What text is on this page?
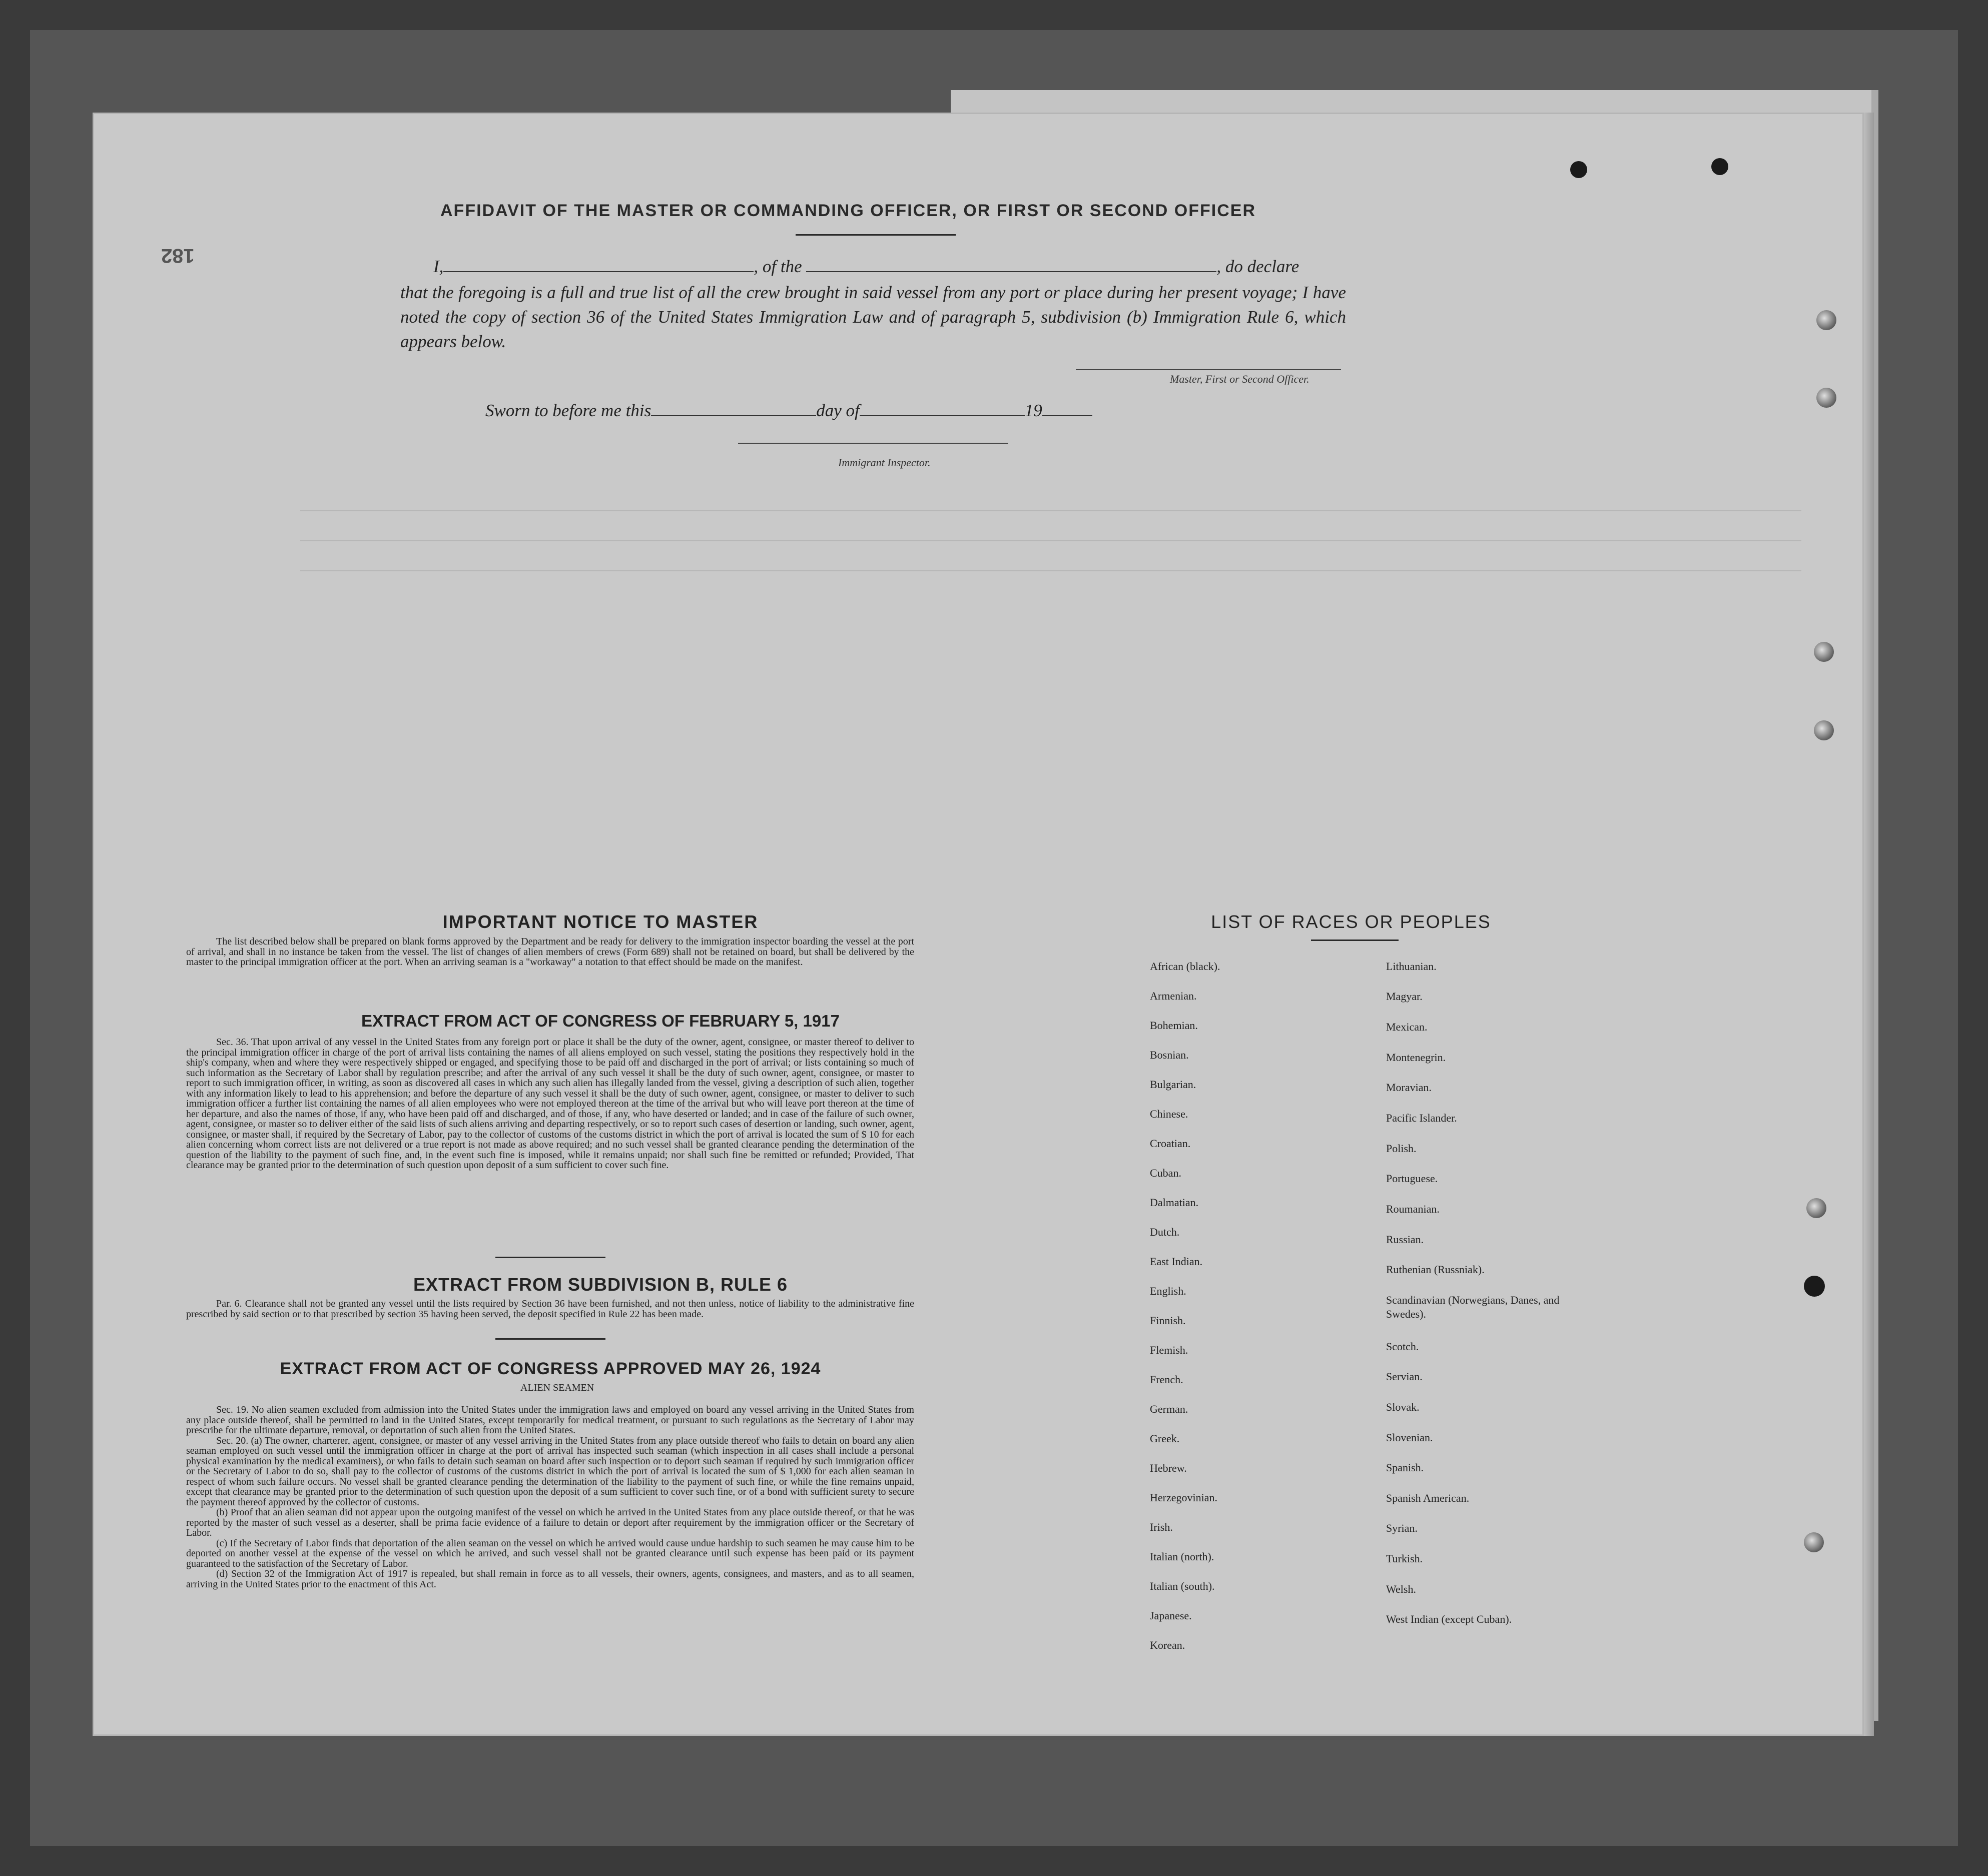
182
AFFIDAVIT OF THE MASTER OR COMMANDING OFFICER, OR FIRST OR SECOND OFFICER
I,	, of the	, do declare
that the foregoing is a full and true list of all the crew brought in said vessel from any port or place during her present voyage; I have noted the copy of section 36 of the United States Immigration Law and of paragraph 5, subdivision (b) Immigration Rule 6, which appears below.
Master, First or Second Officer.
Sworn to before me this	day of	19
Immigrant Inspector.
IMPORTANT NOTICE TO MASTER
The list described below shall be prepared on blank forms approved by the Department and be ready for delivery to the immigration inspector boarding the vessel at the port of arrival, and shall in no instance be taken from the vessel. The list of changes of alien members of crews (Form 689) shall not be retained on board, but shall be delivered by the master to the principal immigration officer at the port. When an arriving seaman is a "workaway" a notation to that effect should be made on the manifest.
EXTRACT FROM ACT OF CONGRESS OF FEBRUARY 5, 1917
Sec. 36. That upon arrival of any vessel in the United States from any foreign port or place it shall be the duty of the owner, agent, consignee, or master thereof to deliver to the principal immigration officer in charge of the port of arrival lists containing the names of all aliens employed on such vessel, stating the positions they respectively hold in the ship's company, when and where they were respectively shipped or engaged, and specifying those to be paid off and discharged in the port of arrival; or lists containing so much of such information as the Secretary of Labor shall by regulation prescribe; and after the arrival of any such vessel it shall be the duty of such owner, agent, consignee, or master to report to such immigration officer, in writing, as soon as discovered all cases in which any such alien has illegally landed from the vessel, giving a description of such alien, together with any information likely to lead to his apprehension; and before the departure of any such vessel it shall be the duty of such owner, agent, consignee, or master to deliver to such immigration officer a further list containing the names of all alien employees who were not employed thereon at the time of the arrival but who will leave port thereon at the time of her departure, and also the names of those, if any, who have been paid off and discharged, and of those, if any, who have deserted or landed; and in case of the failure of such owner, agent, consignee, or master so to deliver either of the said lists of such aliens arriving and departing respectively, or so to report such cases of desertion or landing, such owner, agent, consignee, or master shall, if required by the Secretary of Labor, pay to the collector of customs of the customs district in which the port of arrival is located the sum of $ 10 for each alien concerning whom correct lists are not delivered or a true report is not made as above required; and no such vessel shall be granted clearance pending the determination of the question of the liability to the payment of such fine, and, in the event such fine is imposed, while it remains unpaid; nor shall such fine be remitted or refunded; Provided, That clearance may be granted prior to the determination of such question upon deposit of a sum sufficient to cover such fine.
EXTRACT FROM SUBDIVISION B, RULE 6
Par. 6. Clearance shall not be granted any vessel until the lists required by Section 36 have been furnished, and not then unless, notice of liability to the administrative fine prescribed by said section or to that prescribed by section 35 having been served, the deposit specified in Rule 22 has been made.
EXTRACT FROM ACT OF CONGRESS APPROVED MAY 26, 1924
ALIEN SEAMEN

Sec. 19. No alien seamen excluded from admission into the United States under the immigration laws and employed on board any vessel arriving in the United States from any place outside thereof, shall be permitted to land in the United States, except temporarily for medical treatment, or pursuant to such regulations as the Secretary of Labor may prescribe for the ultimate departure, removal, or deportation of such alien from the United States.

Sec. 20. (a) The owner, charterer, agent, consignee, or master of any vessel arriving in the United States from any place outside thereof who fails to detain on board any alien seaman employed on such vessel until the immigration officer in charge at the port of arrival has inspected such seaman (which inspection in all cases shall include a personal physical examination by the medical examiners), or who fails to detain such seaman on board after such inspection or to deport such seaman if required by such immigration officer or the Secretary of Labor to do so, shall pay to the collector of customs of the customs district in which the port of arrival is located the sum of $ 1,000 for each alien seaman in respect of whom such failure occurs. No vessel shall be granted clearance pending the determination of the liability to the payment of such fine, or while the fine remains unpaid, except that clearance may be granted prior to the determination of such question upon the deposit of a sum sufficient to cover such fine, or of a bond with sufficient surety to secure the payment thereof approved by the collector of customs.

(b) Proof that an alien seaman did not appear upon the outgoing manifest of the vessel on which he arrived in the United States from any place outside thereof, or that he was reported by the master of such vessel as a deserter, shall be prima facie evidence of a failure to detain or deport after requirement by the immigration officer or the Secretary of Labor.

(c) If the Secretary of Labor finds that deportation of the alien seaman on the vessel on which he arrived would cause undue hardship to such seamen he may cause him to be deported on another vessel at the expense of the vessel on which he arrived, and such vessel shall not be granted clearance until such expense has been paid or its payment guaranteed to the satisfaction of the Secretary of Labor.

(d) Section 32 of the Immigration Act of 1917 is repealed, but shall remain in force as to all vessels, their owners, agents, consignees, and masters, and as to all seamen, arriving in the United States prior to the enactment of this Act.

LIST OF RACES OR PEOPLES
African (black).
Armenian.
Bohemian.
Bosnian.
Bulgarian.
Chinese.
Croatian.
Cuban.
Dalmatian.
Dutch.
East Indian.
English.
Finnish.
Flemish.
French.
German.
Greek.
Hebrew.
Herzegovinian.
Irish.
Italian (north).
Italian (south).
Japanese.
Korean.
Lithuanian.
Magyar.
Mexican.
Montenegrin.
Moravian.
Pacific Islander.
Polish.
Portuguese.
Roumanian.
Russian.
Ruthenian (Russniak).
Scandinavian (Norwegians, Danes, and Swedes).
Scotch.
Servian.
Slovak.
Slovenian.
Spanish.
Spanish American.
Syrian.
Turkish.
Welsh.
West Indian (except Cuban).
